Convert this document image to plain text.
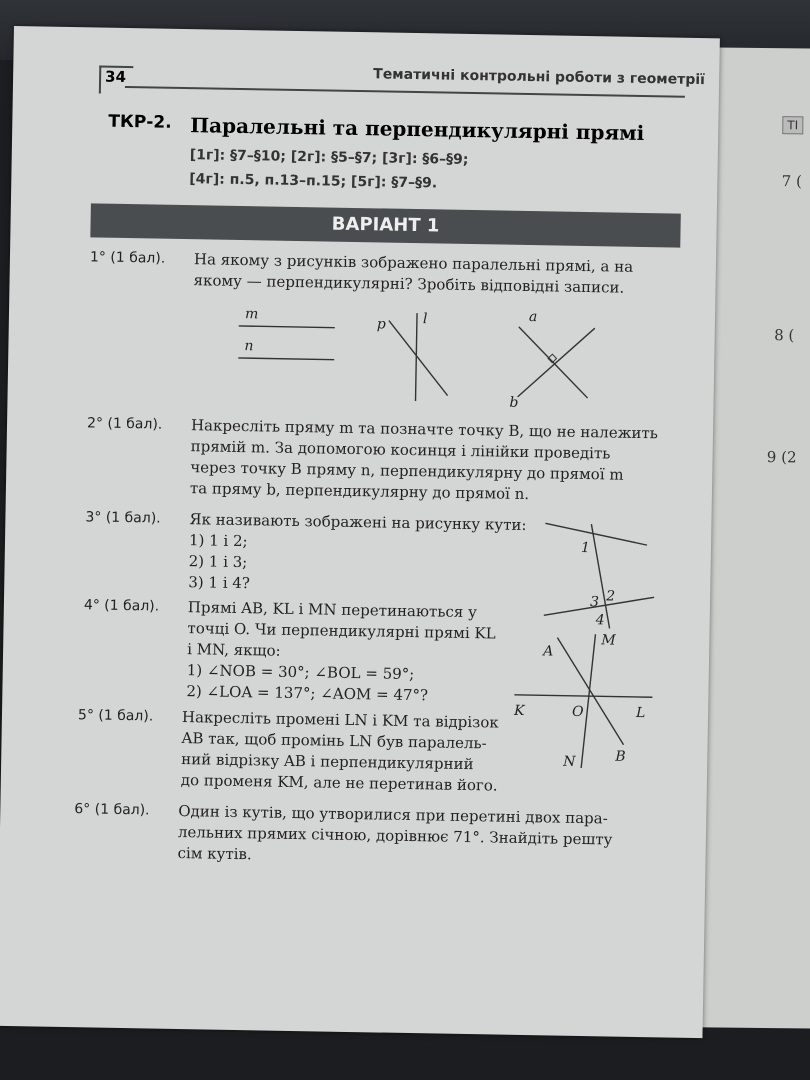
ТІ
7 (
8 (
9 (2
34	Тематичні контрольні роботи з геометрії
ТКР-2. Паралельні та перпендикулярні прямі
[1г]: §7–§10; [2г]: §5–§7; [3г]: §6–§9;
[4г]: п.5, п.13–п.15; [5г]: §7–§9.
ВАРІАНТ 1
1° (1 бал). На якому з рисунків зображено паралельні прямі, а на

якому — перпендикулярні? Зробіть відповідні записи.

m
n
p	l	a
b
2° (1 бал). Накресліть пряму m та позначте точку B, що не належить

прямій m. За допомогою косинця і лінійки проведіть

через точку B пряму n, перпендикулярну до прямої m

та пряму b, перпендикулярну до прямої n.

3° (1 бал). Як називають зображені на рисунку кути:

1) 1 і 2;

2) 1 і 3;

3) 1 і 4?

1
2
3
4
4° (1 бал). Прямі AB, KL і MN перетинаються у

точці O. Чи перпендикулярні прямі KL

і MN, якщо:

1) ∠NOB = 30°; ∠BOL = 59°;

2) ∠LOA = 137°; ∠AOM = 47°?

A
M
K	O	L
N	B
5° (1 бал). Накресліть промені LN і KM та відрізок

AB так, щоб промінь LN був паралель-

ний відрізку AB і перпендикулярний

до променя KM, але не перетинав його.

6° (1 бал). Один із кутів, що утворилися при перетині двох пара-

лельних прямих січною, дорівнює 71°. Знайдіть решту

сім кутів.
